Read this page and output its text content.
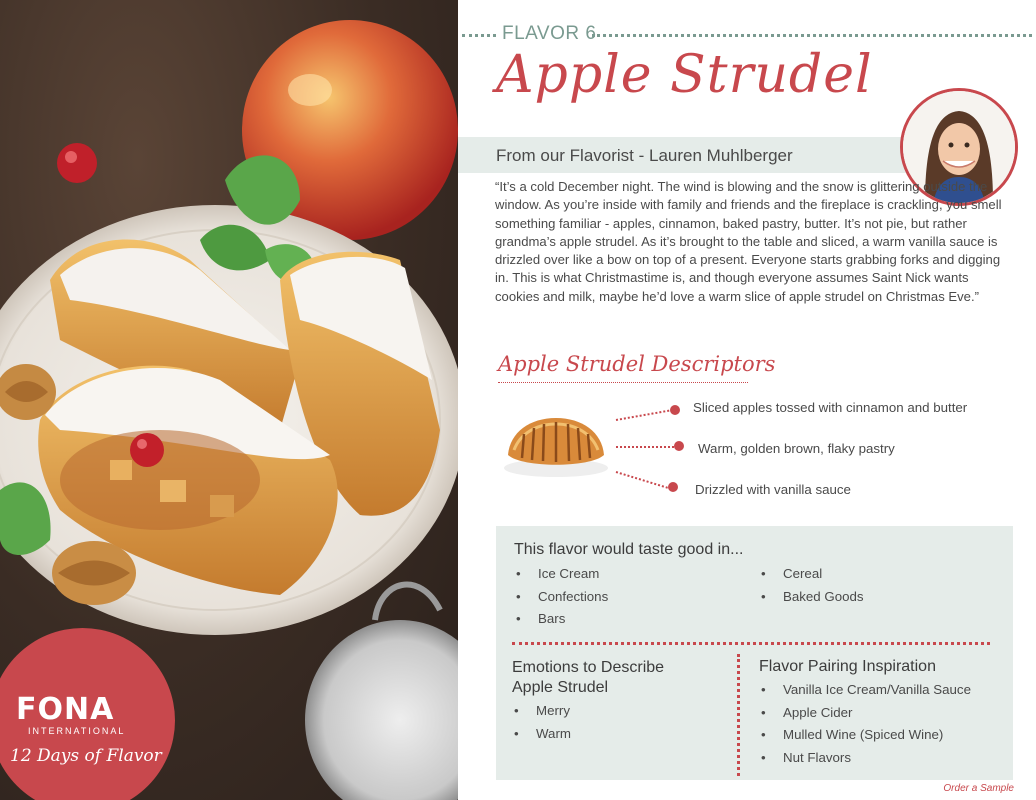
FONA
INTERNATIONAL
12 Days of Flavor
FLAVOR 6
Apple Strudel
From our Flavorist - Lauren Muhlberger
“It’s a cold December night. The wind is blowing and the snow is glittering outside the window. As you’re inside with family and friends and the fireplace is crackling, you smell something familiar - apples, cinnamon, baked pastry, butter. It’s not pie, but rather grandma’s apple strudel. As it’s brought to the table and sliced, a warm vanilla sauce is drizzled over like a bow on top of a present. Everyone starts grabbing forks and digging in. This is what Christmastime is, and though everyone assumes Saint Nick wants cookies and milk, maybe he’d love a warm slice of apple strudel on Christmas Eve.”
Apple Strudel Descriptors
Sliced apples tossed with cinnamon and butter
Warm, golden brown, flaky pastry
Drizzled with vanilla sauce
This flavor would taste good in...
• Ice Cream
• Confections
• Bars
• Cereal
• Baked Goods
Emotions to Describe
Apple Strudel
• Merry
• Warm
Flavor Pairing Inspiration
• Vanilla Ice Cream/Vanilla Sauce
• Apple Cider
• Mulled Wine (Spiced Wine)
• Nut Flavors
Order a Sample
